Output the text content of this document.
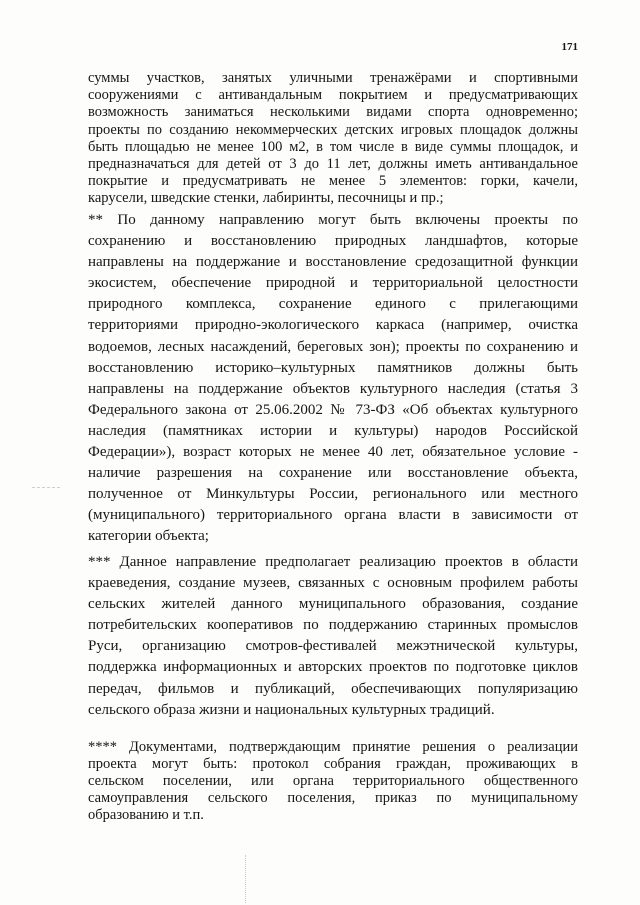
171
суммы участков, занятых уличными тренажёрами и спортивными
сооружениями с антивандальным покрытием и предусматривающих
возможность заниматься несколькими видами спорта одновременно;
проекты по созданию некоммерческих детских игровых площадок должны
быть площадью не менее 100 м2, в том числе в виде суммы площадок, и
предназначаться для детей от 3 до 11 лет, должны иметь антивандальное
покрытие и предусматривать не менее 5 элементов: горки, качели,
карусели, шведские стенки, лабиринты, песочницы и пр.;
** По данному направлению могут быть включены проекты по
сохранению и восстановлению природных ландшафтов, которые
направлены на поддержание и восстановление средозащитной функции
экосистем, обеспечение природной и территориальной целостности
природного комплекса, сохранение единого с прилегающими
территориями природно-экологического каркаса (например, очистка
водоемов, лесных насаждений, береговых зон); проекты по сохранению и
восстановлению историко–культурных памятников должны быть
направлены на поддержание объектов культурного наследия (статья 3
Федерального закона от 25.06.2002 № 73-ФЗ «Об объектах культурного
наследия (памятниках истории и культуры) народов Российской
Федерации»), возраст которых не менее 40 лет, обязательное условие -
наличие разрешения на сохранение или восстановление объекта,
полученное от Минкультуры России, регионального или местного
(муниципального) территориального органа власти в зависимости от
категории объекта;
*** Данное направление предполагает реализацию проектов в области
краеведения, создание музеев, связанных с основным профилем работы
сельских жителей данного муниципального образования, создание
потребительских кооперативов по поддержанию старинных промыслов
Руси, организацию смотров-фестивалей межэтнической культуры,
поддержка информационных и авторских проектов по подготовке циклов
передач, фильмов и публикаций, обеспечивающих популяризацию
сельского образа жизни и национальных культурных традиций.
**** Документами, подтверждающим принятие решения о реализации
проекта могут быть: протокол собрания граждан, проживающих в
сельском поселении, или органа территориального общественного
самоуправления сельского поселения, приказ по муниципальному
образованию и т.п.
